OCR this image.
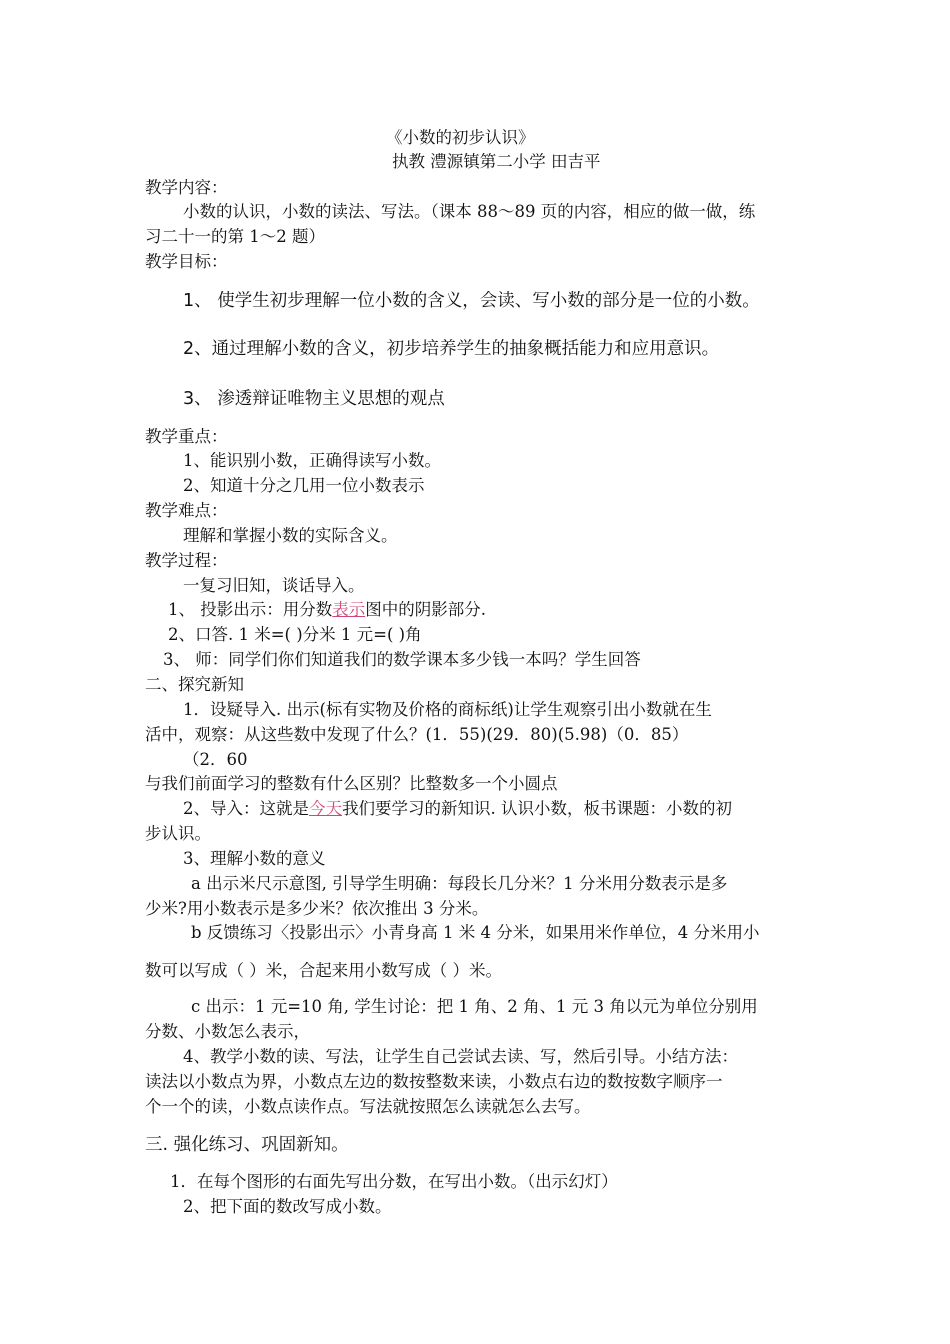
《小数的初步认识》
执教 澧源镇第二小学 田吉平
教学内容：
小数的认识，小数的读法、写法。（课本 88～89 页的内容，相应的做一做，练
习二十一的第 1～2 题）
教学目标：
1、 使学生初步理解一位小数的含义，会读、写小数的部分是一位的小数。
2、通过理解小数的含义，初步培养学生的抽象概括能力和应用意识。
3、 渗透辩证唯物主义思想的观点
教学重点：
1、能识别小数，正确得读写小数。
2、知道十分之几用一位小数表示
教学难点：
理解和掌握小数的实际含义。
教学过程：
一复习旧知，谈话导入。
1、 投影出示：用分数表示图中的阴影部分.
2、口答. 1 米=( )分米 1 元=( )角
3、 师：同学们你们知道我们的数学课本多少钱一本吗？学生回答
二、探究新知
1．设疑导入. 出示(标有实物及价格的商标纸)让学生观察引出小数就在生
活中，观察：从这些数中发现了什么？(1．55)(29．80)(5.98)（0．85）
（2．60
与我们前面学习的整数有什么区别？比整数多一个小圆点
2、导入：这就是今天我们要学习的新知识. 认识小数，板书课题：小数的初
步认识。
3、理解小数的意义
a 出示米尺示意图, 引导学生明确：每段长几分米？1 分米用分数表示是多
少米?用小数表示是多少米？依次推出 3 分米。
b 反馈练习〈投影出示〉小青身高 1 米 4 分米，如果用米作单位，4 分米用小
数可以写成（ ）米，合起来用小数写成（ ）米。
c 出示：1 元=10 角, 学生讨论：把 1 角、2 角、1 元 3 角以元为单位分别用
分数、小数怎么表示，
4、教学小数的读、写法，让学生自己尝试去读、写，然后引导。小结方法：
读法以小数点为界，小数点左边的数按整数来读，小数点右边的数按数字顺序一
个一个的读，小数点读作点。写法就按照怎么读就怎么去写。
三. 强化练习、巩固新知。
1．在每个图形的右面先写出分数，在写出小数。（出示幻灯）
2、把下面的数改写成小数。
